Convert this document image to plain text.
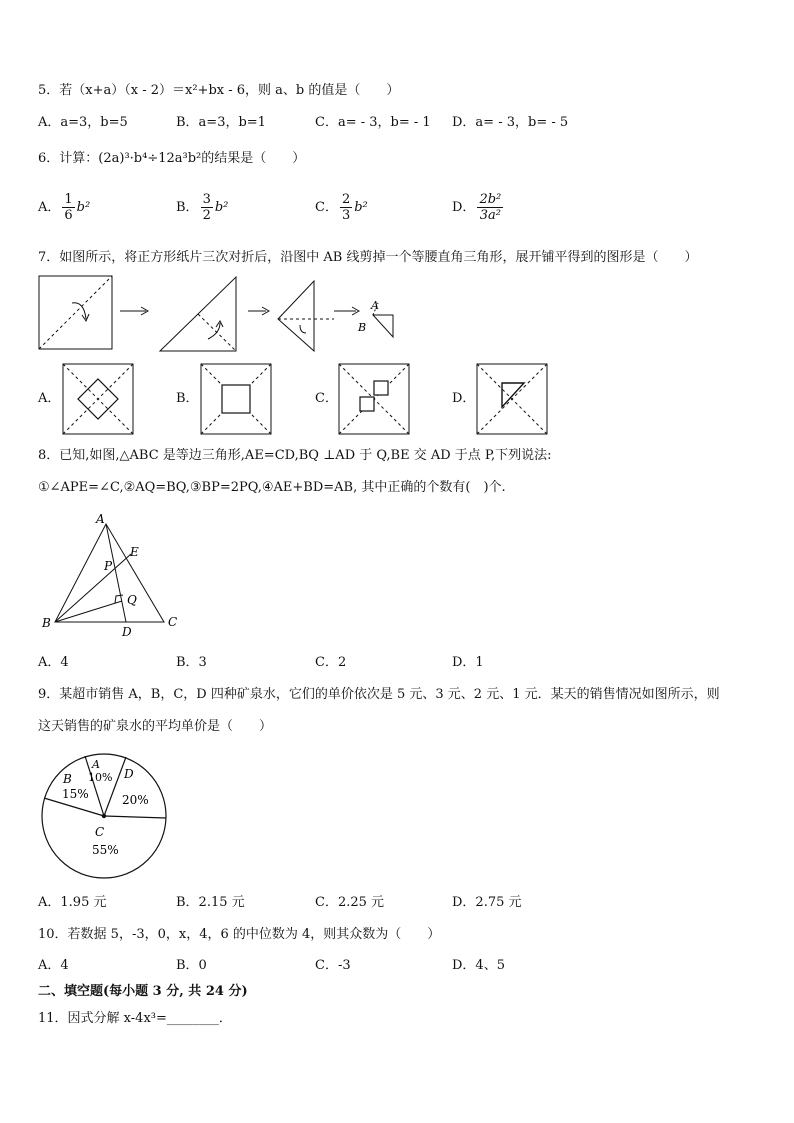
5．若（x+a）（x - 2）＝x²+bx - 6，则 a、b 的值是（　　）
A．a=3，b=5	B．a=3，b=1	C．a= - 3，b= - 1 D．a= - 3，b= - 5
6．计算：(2a)³·b⁴÷12a³b²的结果是（　　）
A． $\frac{1}{6} b^2$	B． $\frac{3}{2} b^2$	C． $\frac{2}{3} b^2$	D． $\frac{\text{2b²}}{\text{3a²}}$
7．如图所示，将正方形纸片三次对折后，沿图中 AB 线剪掉一个等腰直角三角形，展开铺平得到的图形是（　　）
A
B
A．	B．	C．	D．
8．已知,如图,△ABC 是等边三角形,AE=CD,BQ ⊥AD 于 Q,BE 交 AD 于点 P,下列说法:
①∠APE=∠C,②AQ=BQ,③BP=2PQ,④AE+BD=AB, 其中正确的个数有(　)个.
A
B	C
D
E
P
Q
A．4	B．3	C．2	D．1
9．某超市销售 A，B，C，D 四种矿泉水，它们的单价依次是 5 元、3 元、2 元、1 元．某天的销售情况如图所示，则
这天销售的矿泉水的平均单价是（　　）
A
10%
B
15%
D
20%
C
55%
A．1.95 元	B．2.15 元	C．2.25 元	D．2.75 元
10．若数据 5，-3，0，x，4，6 的中位数为 4，则其众数为（　　）
A．4	B．0	C．-3	D．4、5
二、填空题(每小题 3 分, 共 24 分)
11．因式分解 x-4x³=________．
